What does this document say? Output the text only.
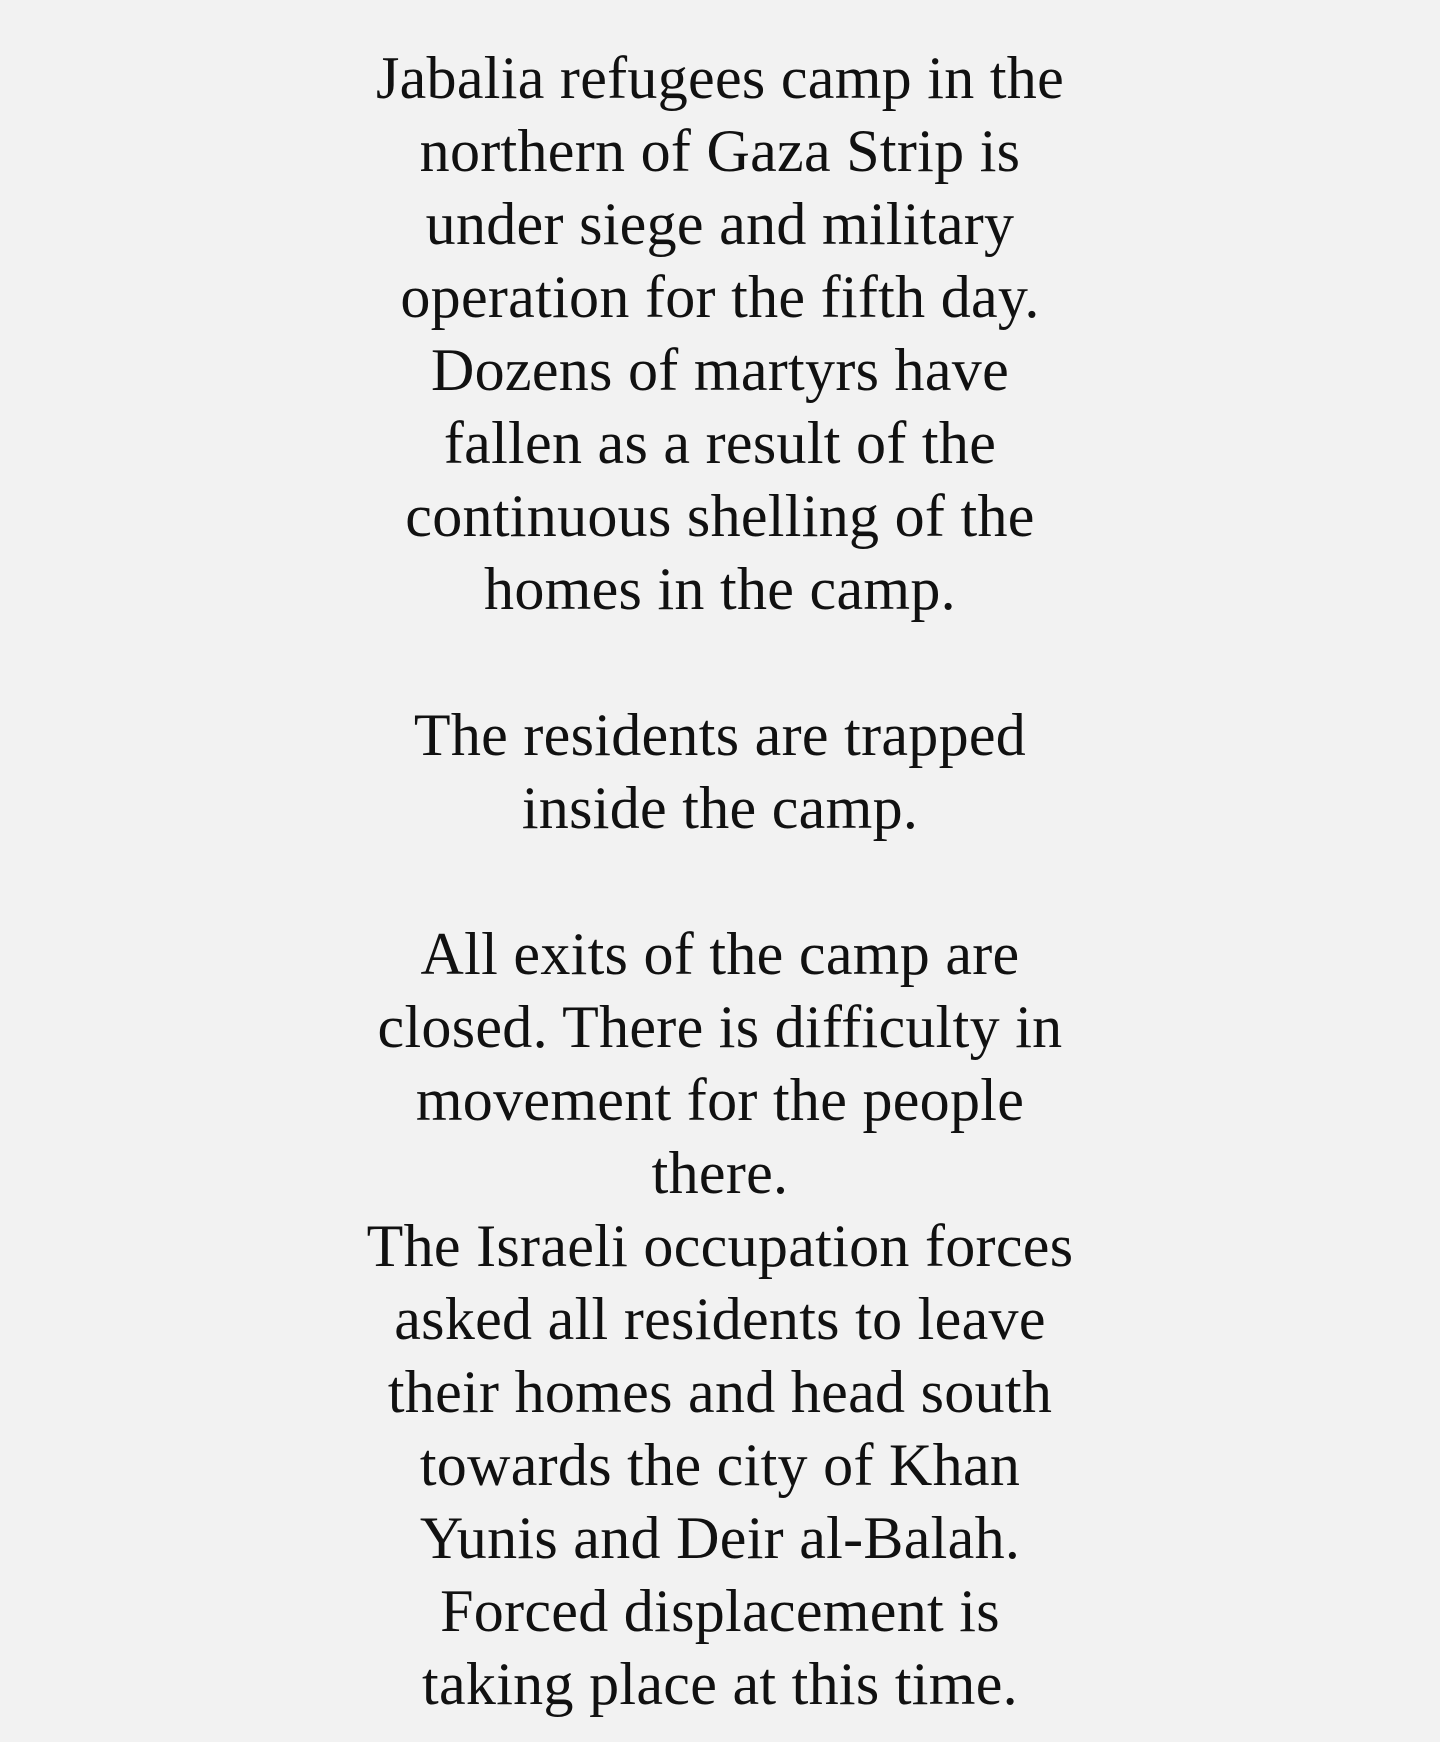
Jabalia refugees camp in the
northern of Gaza Strip is
under siege and military
operation for the fifth day.
Dozens of martyrs have
fallen as a result of the
continuous shelling of the
homes in the camp.

The residents are trapped
inside the camp.

All exits of the camp are
closed. There is difficulty in
movement for the people
there.
The Israeli occupation forces
asked all residents to leave
their homes and head south
towards the city of Khan
Yunis and Deir al-Balah.
Forced displacement is
taking place at this time.
